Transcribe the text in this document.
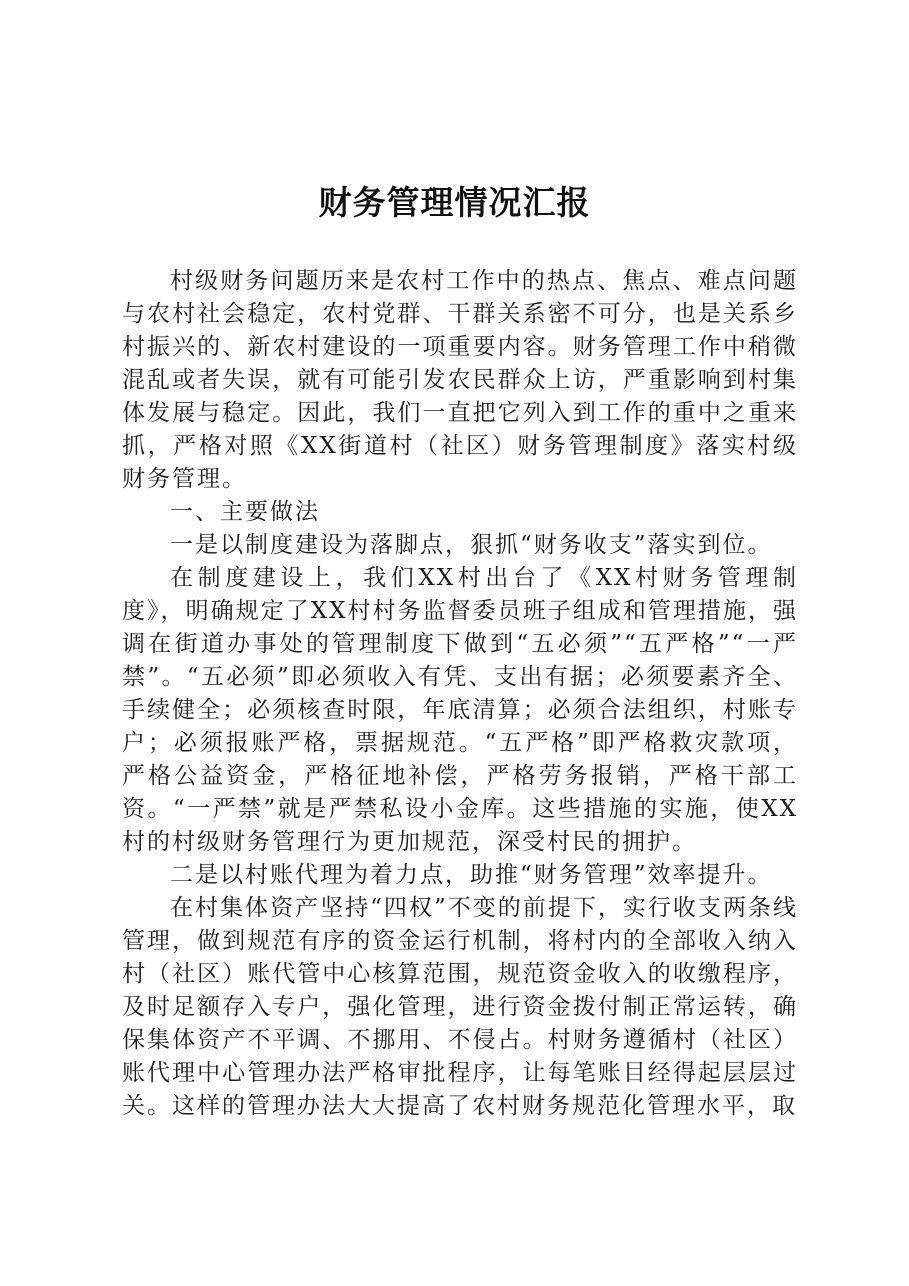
财务管理情况汇报

村级财务问题历来是农村工作中的热点、焦点、难点问题与农村社会稳定，农村党群、干群关系密不可分，也是关系乡村振兴的、新农村建设的一项重要内容。财务管理工作中稍微混乱或者失误，就有可能引发农民群众上访，严重影响到村集体发展与稳定。因此，我们一直把它列入到工作的重中之重来抓，严格对照《XX街道村（社区）财务管理制度》落实村级财务管理。

一、主要做法

一是以制度建设为落脚点，狠抓“财务收支”落实到位。

在制度建设上，我们XX村出台了《XX村财务管理制度》，明确规定了XX村村务监督委员班子组成和管理措施，强调在街道办事处的管理制度下做到“五必须”“五严格”“一严禁”。“五必须”即必须收入有凭、支出有据；必须要素齐全、手续健全；必须核查时限，年底清算；必须合法组织，村账专户；必须报账严格，票据规范。“五严格”即严格救灾款项，严格公益资金，严格征地补偿，严格劳务报销，严格干部工资。“一严禁”就是严禁私设小金库。这些措施的实施，使XX村的村级财务管理行为更加规范，深受村民的拥护。

二是以村账代理为着力点，助推“财务管理”效率提升。

在村集体资产坚持“四权”不变的前提下，实行收支两条线管理，做到规范有序的资金运行机制，将村内的全部收入纳入村（社区）账代管中心核算范围，规范资金收入的收缴程序，及时足额存入专户，强化管理，进行资金拨付制正常运转，确保集体资产不平调、不挪用、不侵占。村财务遵循村（社区）账代理中心管理办法严格审批程序，让每笔账目经得起层层过关。这样的管理办法大大提高了农村财务规范化管理水平，取
